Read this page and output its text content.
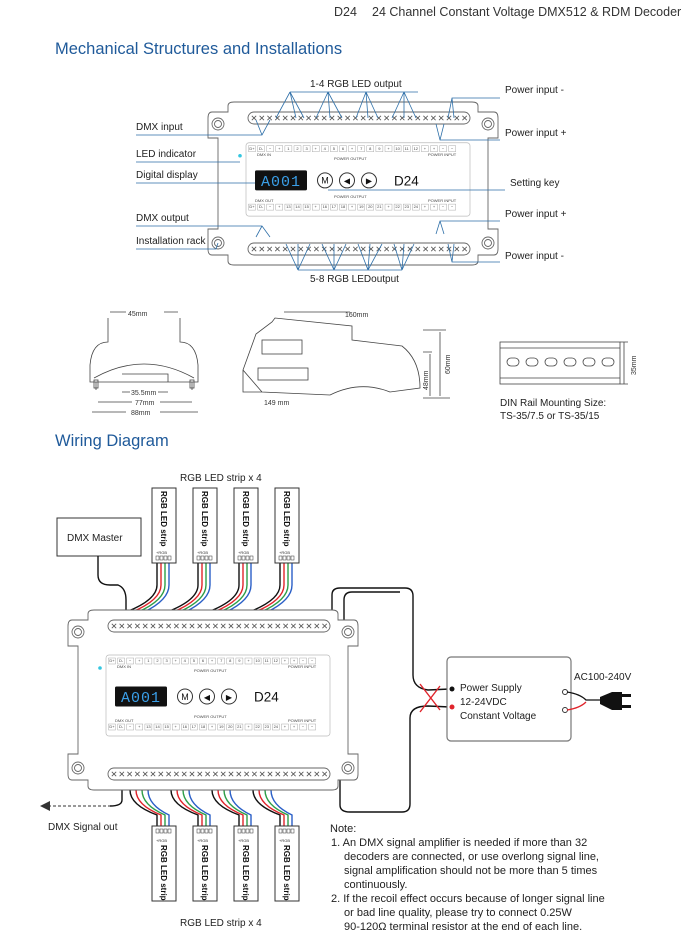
D24 24 Channel Constant Voltage DMX512 & RDM Decoder
Mechanical Structures and Installations
D+ D- − + 1 2 3 + 4 5 6 + 7 8 9 + 10 11 12 + + − −
D+ D- − + 13 14 15 + 16 17 18 + 19 20 21 + 22 23 24 + + − −
DMX IN
POWER OUTPUT
POWER INPUT
DMX OUT
POWER OUTPUT
POWER INPUT
A001 M ◀ ▶ D24
DMX input
LED indicator
Digital display
DMX output
Installation rack
Power input -
Power input +
Setting key
Power input +
Power input -
1-4 RGB LED output
5-8 RGB LEDoutput
45mm
35.5mm
77mm
88mm
160mm
149 mm
48mm
60mm	35mm
DIN Rail Mounting Size:
TS-35/7.5 or TS-35/15
Wiring Diagram
RGB LED strip x 4
RGB LED strip x 4
DMX Master	RGB LED strip
+RGB
RGB LED strip
+RGB
RGB LED strip
+RGB
RGB LED strip
+RGB
RGB LED strip
+RGB
RGB LED strip
+RGB
RGB LED strip
+RGB
RGB LED strip
+RGB
D+ D- − + 1 2 3 + 4 5 6 + 7 8 9 + 10 11 12 + + − −
D+ D- − + 13 14 15 + 16 17 18 + 19 20 21 + 22 23 24 + + − −
DMX IN
POWER OUTPUT
POWER INPUT
DMX OUT
POWER OUTPUT
POWER INPUT
A001 M ◀ ▶ D24
DMX Signal out
Power Supply
12-24VDC
Constant Voltage
AC100-240V
Note:
1. An DMX signal amplifier is needed if more than 32
decoders are connected, or use overlong signal line,
signal amplification should not be more than 5 times
continuously.
2. If the recoil effect occurs because of longer signal line
or bad line quality, please try to connect 0.25W
90-120Ω terminal resistor at the end of each line.
